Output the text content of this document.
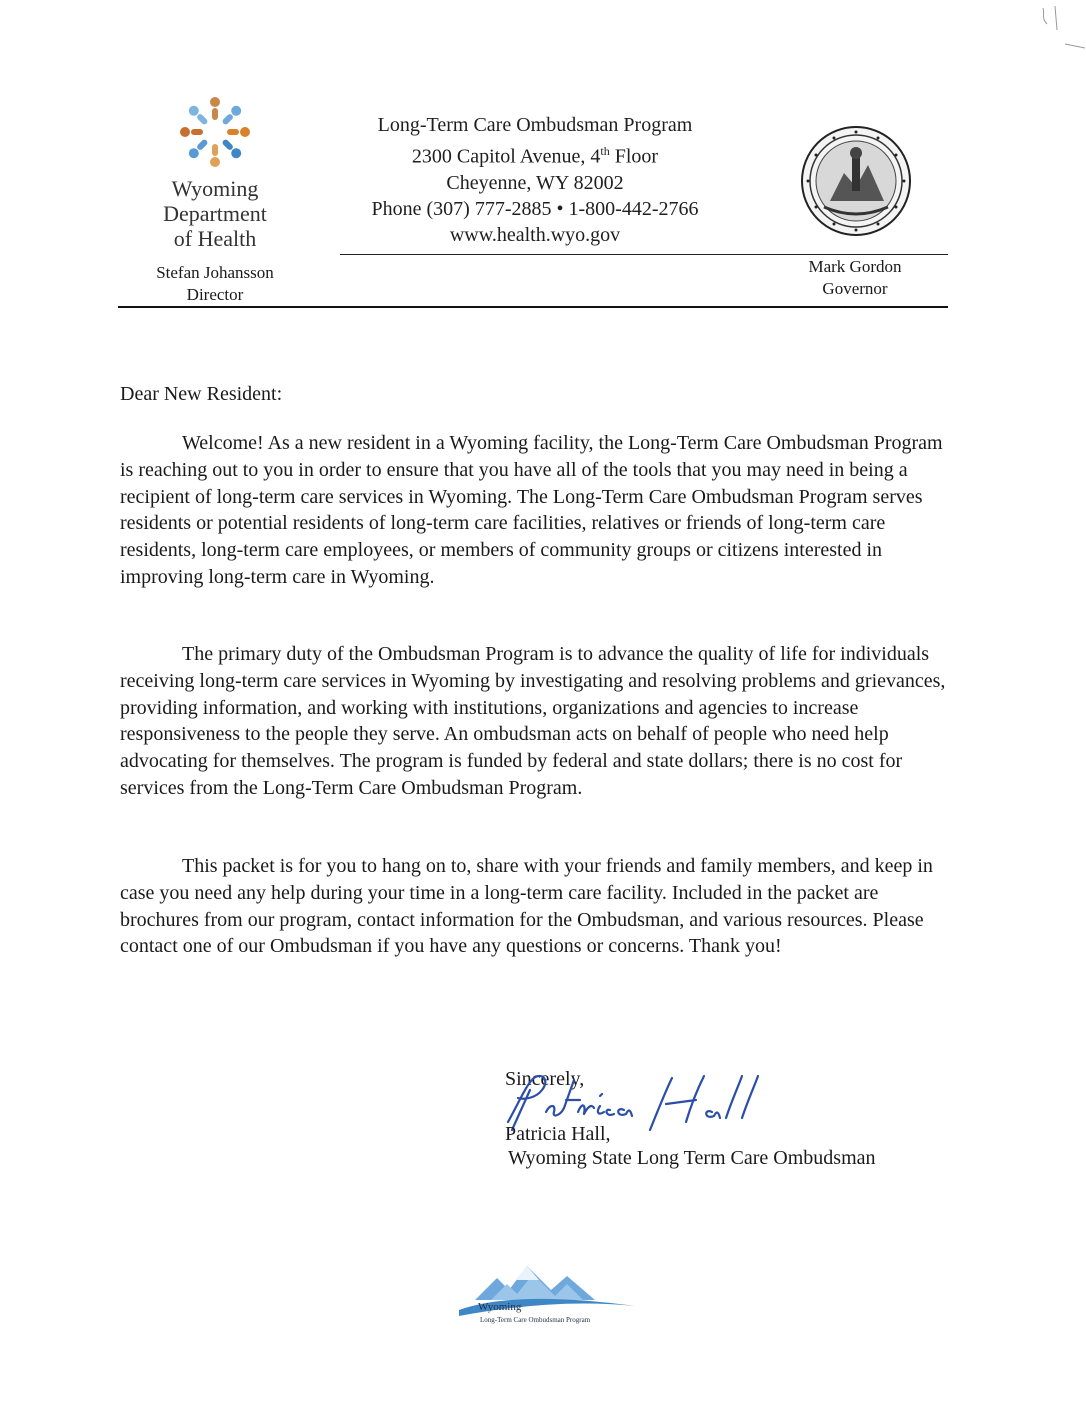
Wyoming
Department
of Health
Long-Term Care Ombudsman Program
2300 Capitol Avenue, 4th Floor
Cheyenne, WY 82002
Phone (307) 777-2885 • 1-800-442-2766
www.health.wyo.gov
Stefan Johansson
Director
Mark Gordon
Governor
Dear New Resident:

Welcome! As a new resident in a Wyoming facility, the Long-Term Care Ombudsman Program is reaching out to you in order to ensure that you have all of the tools that you may need in being a recipient of long-term care services in Wyoming. The Long-Term Care Ombudsman Program serves residents or potential residents of long-term care facilities, relatives or friends of long-term care residents, long-term care employees, or members of community groups or citizens interested in improving long-term care in Wyoming.

The primary duty of the Ombudsman Program is to advance the quality of life for individuals receiving long-term care services in Wyoming by investigating and resolving problems and grievances, providing information, and working with institutions, organizations and agencies to increase responsiveness to the people they serve. An ombudsman acts on behalf of people who need help advocating for themselves. The program is funded by federal and state dollars; there is no cost for services from the Long-Term Care Ombudsman Program.

This packet is for you to hang on to, share with your friends and family members, and keep in case you need any help during your time in a long-term care facility. Included in the packet are brochures from our program, contact information for the Ombudsman, and various resources. Please contact one of our Ombudsman if you have any questions or concerns. Thank you!

Sincerely,
Patricia Hall,
Wyoming State Long Term Care Ombudsman
Wyoming
Long-Term Care Ombudsman Program
